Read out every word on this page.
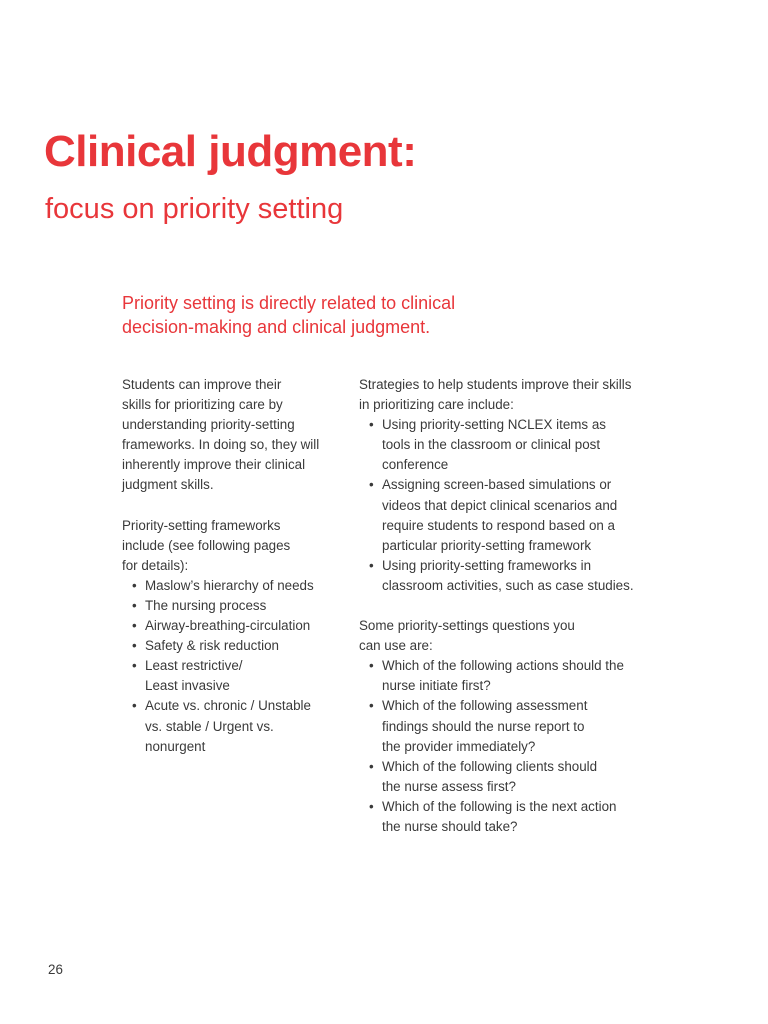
Clinical judgment:
focus on priority setting

Priority setting is directly related to clinical
decision-making and clinical judgment.

Students can improve their
skills for prioritizing care by
understanding priority-setting
frameworks. In doing so, they will
inherently improve their clinical
judgment skills.
Priority-setting frameworks
include (see following pages
for details):
• Maslow’s hierarchy of needs
• The nursing process
• Airway-breathing-circulation
• Safety & risk reduction
• Least restrictive/
Least invasive
• Acute vs. chronic / Unstable
vs. stable / Urgent vs.
nonurgent
Strategies to help students improve their skills
in prioritizing care include:
• Using priority-setting NCLEX items as
tools in the classroom or clinical post
conference
• Assigning screen-based simulations or
videos that depict clinical scenarios and
require students to respond based on a
particular priority-setting framework
• Using priority-setting frameworks in
classroom activities, such as case studies.
Some priority-settings questions you
can use are:
• Which of the following actions should the
nurse initiate first?
• Which of the following assessment
findings should the nurse report to
the provider immediately?
• Which of the following clients should
the nurse assess first?
• Which of the following is the next action
the nurse should take?
26
